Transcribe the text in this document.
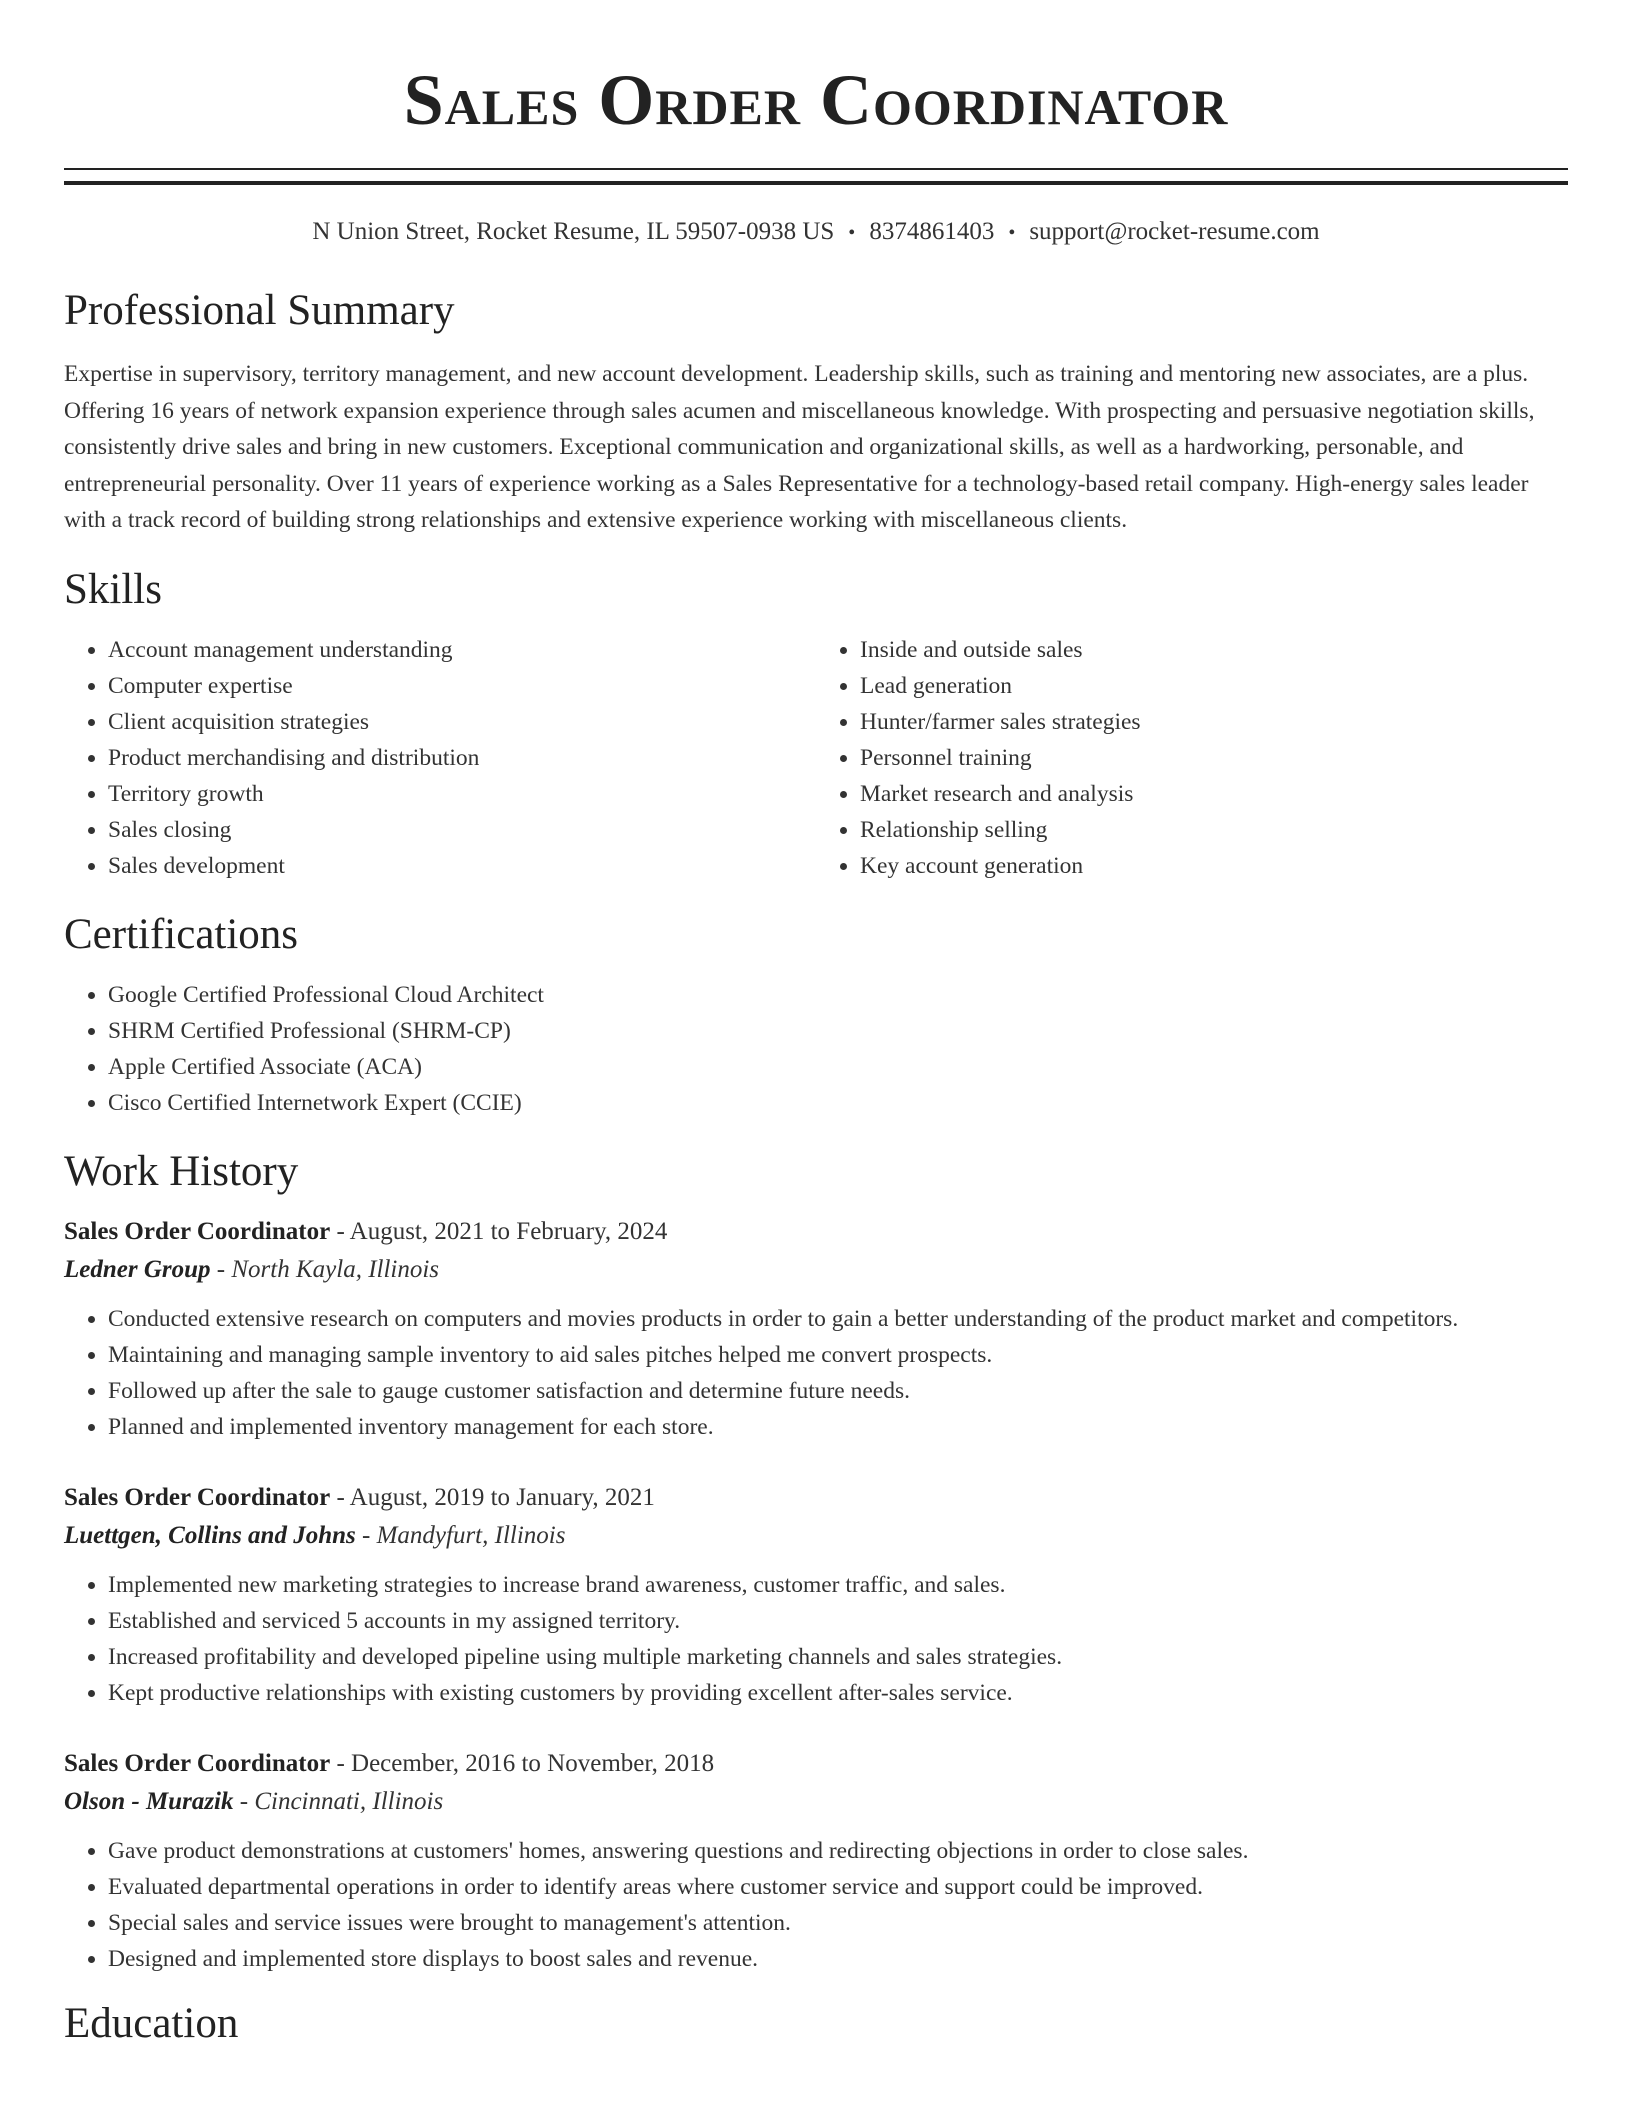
Sales Order Coordinator
N Union Street, Rocket Resume, IL 59507-0938 US • 8374861403 • support@rocket-resume.com
Professional Summary

Expertise in supervisory, territory management, and new account development. Leadership skills, such as training and mentoring new associates, are a plus. Offering 16 years of network expansion experience through sales acumen and miscellaneous knowledge. With prospecting and persuasive negotiation skills, consistently drive sales and bring in new customers. Exceptional communication and organizational skills, as well as a hardworking, personable, and entrepreneurial personality. Over 11 years of experience working as a Sales Representative for a technology-based retail company. High-energy sales leader with a track record of building strong relationships and extensive experience working with miscellaneous clients.

Skills
• Account management understanding
• Computer expertise
• Client acquisition strategies
• Product merchandising and distribution
• Territory growth
• Sales closing
• Sales development
• Inside and outside sales
• Lead generation
• Hunter/farmer sales strategies
• Personnel training
• Market research and analysis
• Relationship selling
• Key account generation
Certifications
• Google Certified Professional Cloud Architect
• SHRM Certified Professional (SHRM-CP)
• Apple Certified Associate (ACA)
• Cisco Certified Internetwork Expert (CCIE)
Work History
Sales Order Coordinator - August, 2021 to February, 2024
Ledner Group - North Kayla, Illinois
• Conducted extensive research on computers and movies products in order to gain a better understanding of the product market and competitors.
• Maintaining and managing sample inventory to aid sales pitches helped me convert prospects.
• Followed up after the sale to gauge customer satisfaction and determine future needs.
• Planned and implemented inventory management for each store.
Sales Order Coordinator - August, 2019 to January, 2021
Luettgen, Collins and Johns - Mandyfurt, Illinois
• Implemented new marketing strategies to increase brand awareness, customer traffic, and sales.
• Established and serviced 5 accounts in my assigned territory.
• Increased profitability and developed pipeline using multiple marketing channels and sales strategies.
• Kept productive relationships with existing customers by providing excellent after-sales service.
Sales Order Coordinator - December, 2016 to November, 2018
Olson - Murazik - Cincinnati, Illinois
• Gave product demonstrations at customers' homes, answering questions and redirecting objections in order to close sales.
• Evaluated departmental operations in order to identify areas where customer service and support could be improved.
• Special sales and service issues were brought to management's attention.
• Designed and implemented store displays to boost sales and revenue.
Education
